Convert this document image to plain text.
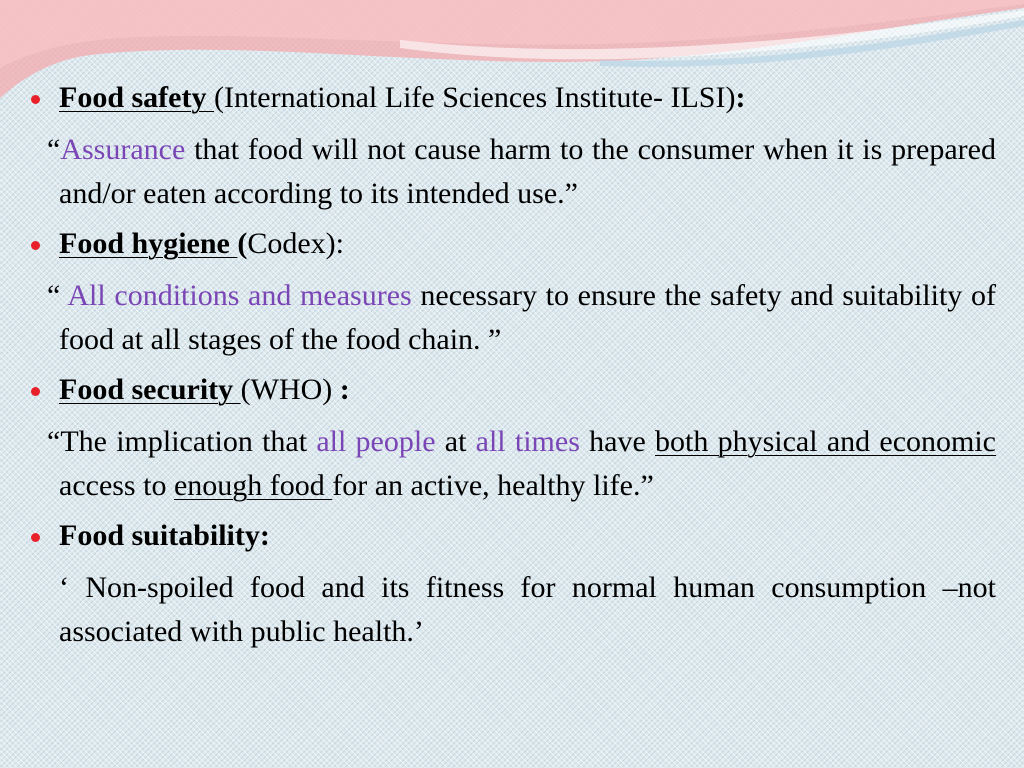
Food safety (International Life Sciences Institute- ILSI):
“Assurance that food will not cause harm to the consumer when it is prepared and/or eaten according to its intended use.”
Food hygiene (Codex):
“ All conditions and measures necessary to ensure the safety and suitability of food at all stages of the food chain. ”
Food security (WHO) :
“The implication that all people at all times have both physical and economic access to enough food for an active, healthy life.”
Food suitability:
‘ Non-spoiled food and its fitness for normal human consumption –not associated with public health.’
